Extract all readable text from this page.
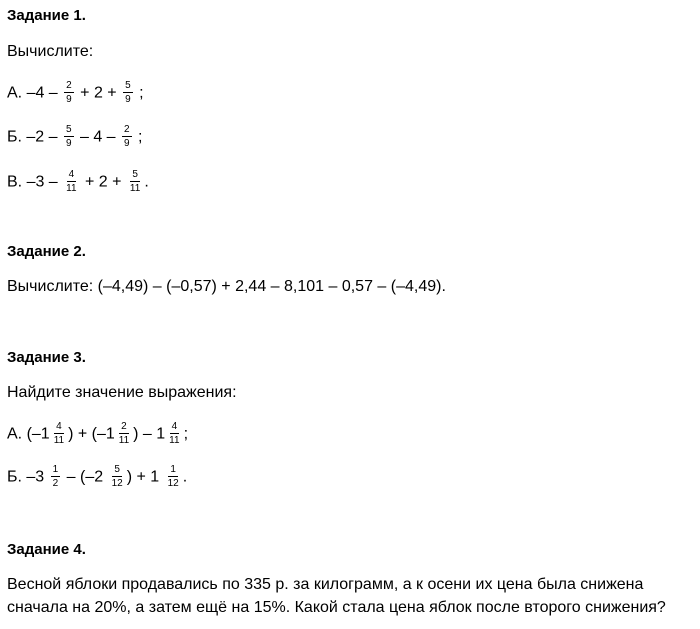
Задание 1.
Вычислите:
А. $-4 - \frac{2}{9} + 2 + \frac{5}{9}$ ;
Б. $-2 - \frac{5}{9} - 4 - \frac{2}{9}$ ;
В. $-3 - \frac{4}{11} + 2 + \frac{5}{11}$ .
Задание 2.
Вычислите: (–4,49) – (–0,57) + 2,44 – 8,101 – 0,57 – (–4,49).
Задание 3.
Найдите значение выражения:
А. ($-1 \frac{4}{11}$ ) + ($-1 \frac{2}{11}$ ) – $1 \frac{4}{11}$ ;
Б. $-3 \frac{1}{2} - (-2 \frac{5}{12}$ ) + $1 \frac{1}{12}$ .
Задание 4.
Весной яблоки продавались по 335 р. за килограмм, а к осени их цена была снижена
сначала на 20%, а затем ещё на 15%. Какой стала цена яблок после второго снижения?
